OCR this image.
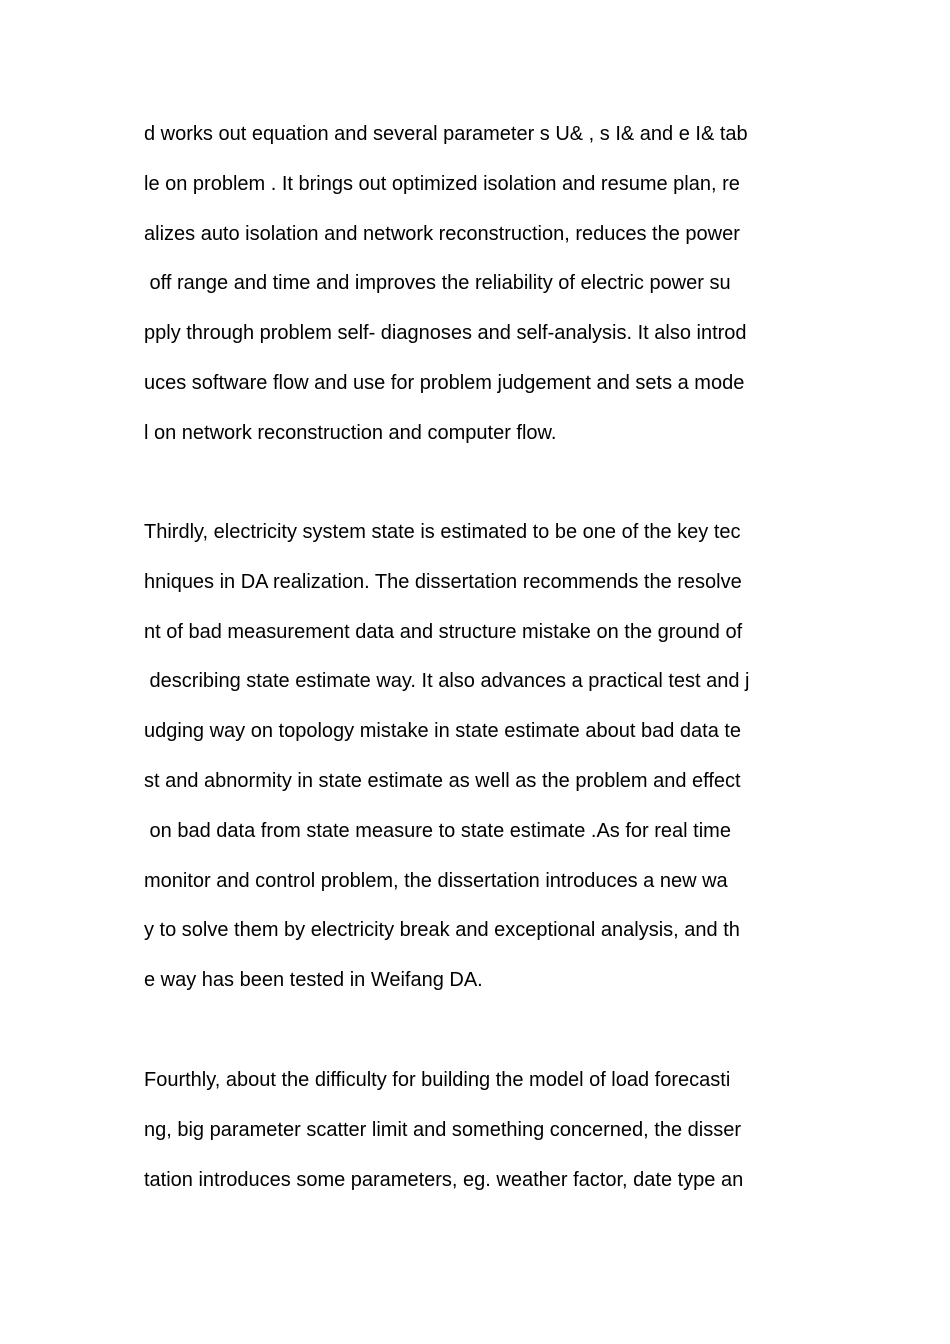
d works out equation and several parameter s U& , s I& and e I& tab
le on problem . It brings out optimized isolation and resume plan, re
alizes auto isolation and network reconstruction, reduces the power
off range and time and improves the reliability of electric power su
pply through problem self- diagnoses and self-analysis. It also introd
uces software flow and use for problem judgement and sets a mode
l on network reconstruction and computer flow.
Thirdly, electricity system state is estimated to be one of the key tec
hniques in DA realization. The dissertation recommends the resolve
nt of bad measurement data and structure mistake on the ground of
describing state estimate way. It also advances a practical test and j
udging way on topology mistake in state estimate about bad data te
st and abnormity in state estimate as well as the problem and effect
on bad data from state measure to state estimate .As for real time
monitor and control problem, the dissertation introduces a new wa
y to solve them by electricity break and exceptional analysis, and th
e way has been tested in Weifang DA.
Fourthly, about the difficulty for building the model of load forecasti
ng, big parameter scatter limit and something concerned, the disser
tation introduces some parameters, eg. weather factor, date type an
